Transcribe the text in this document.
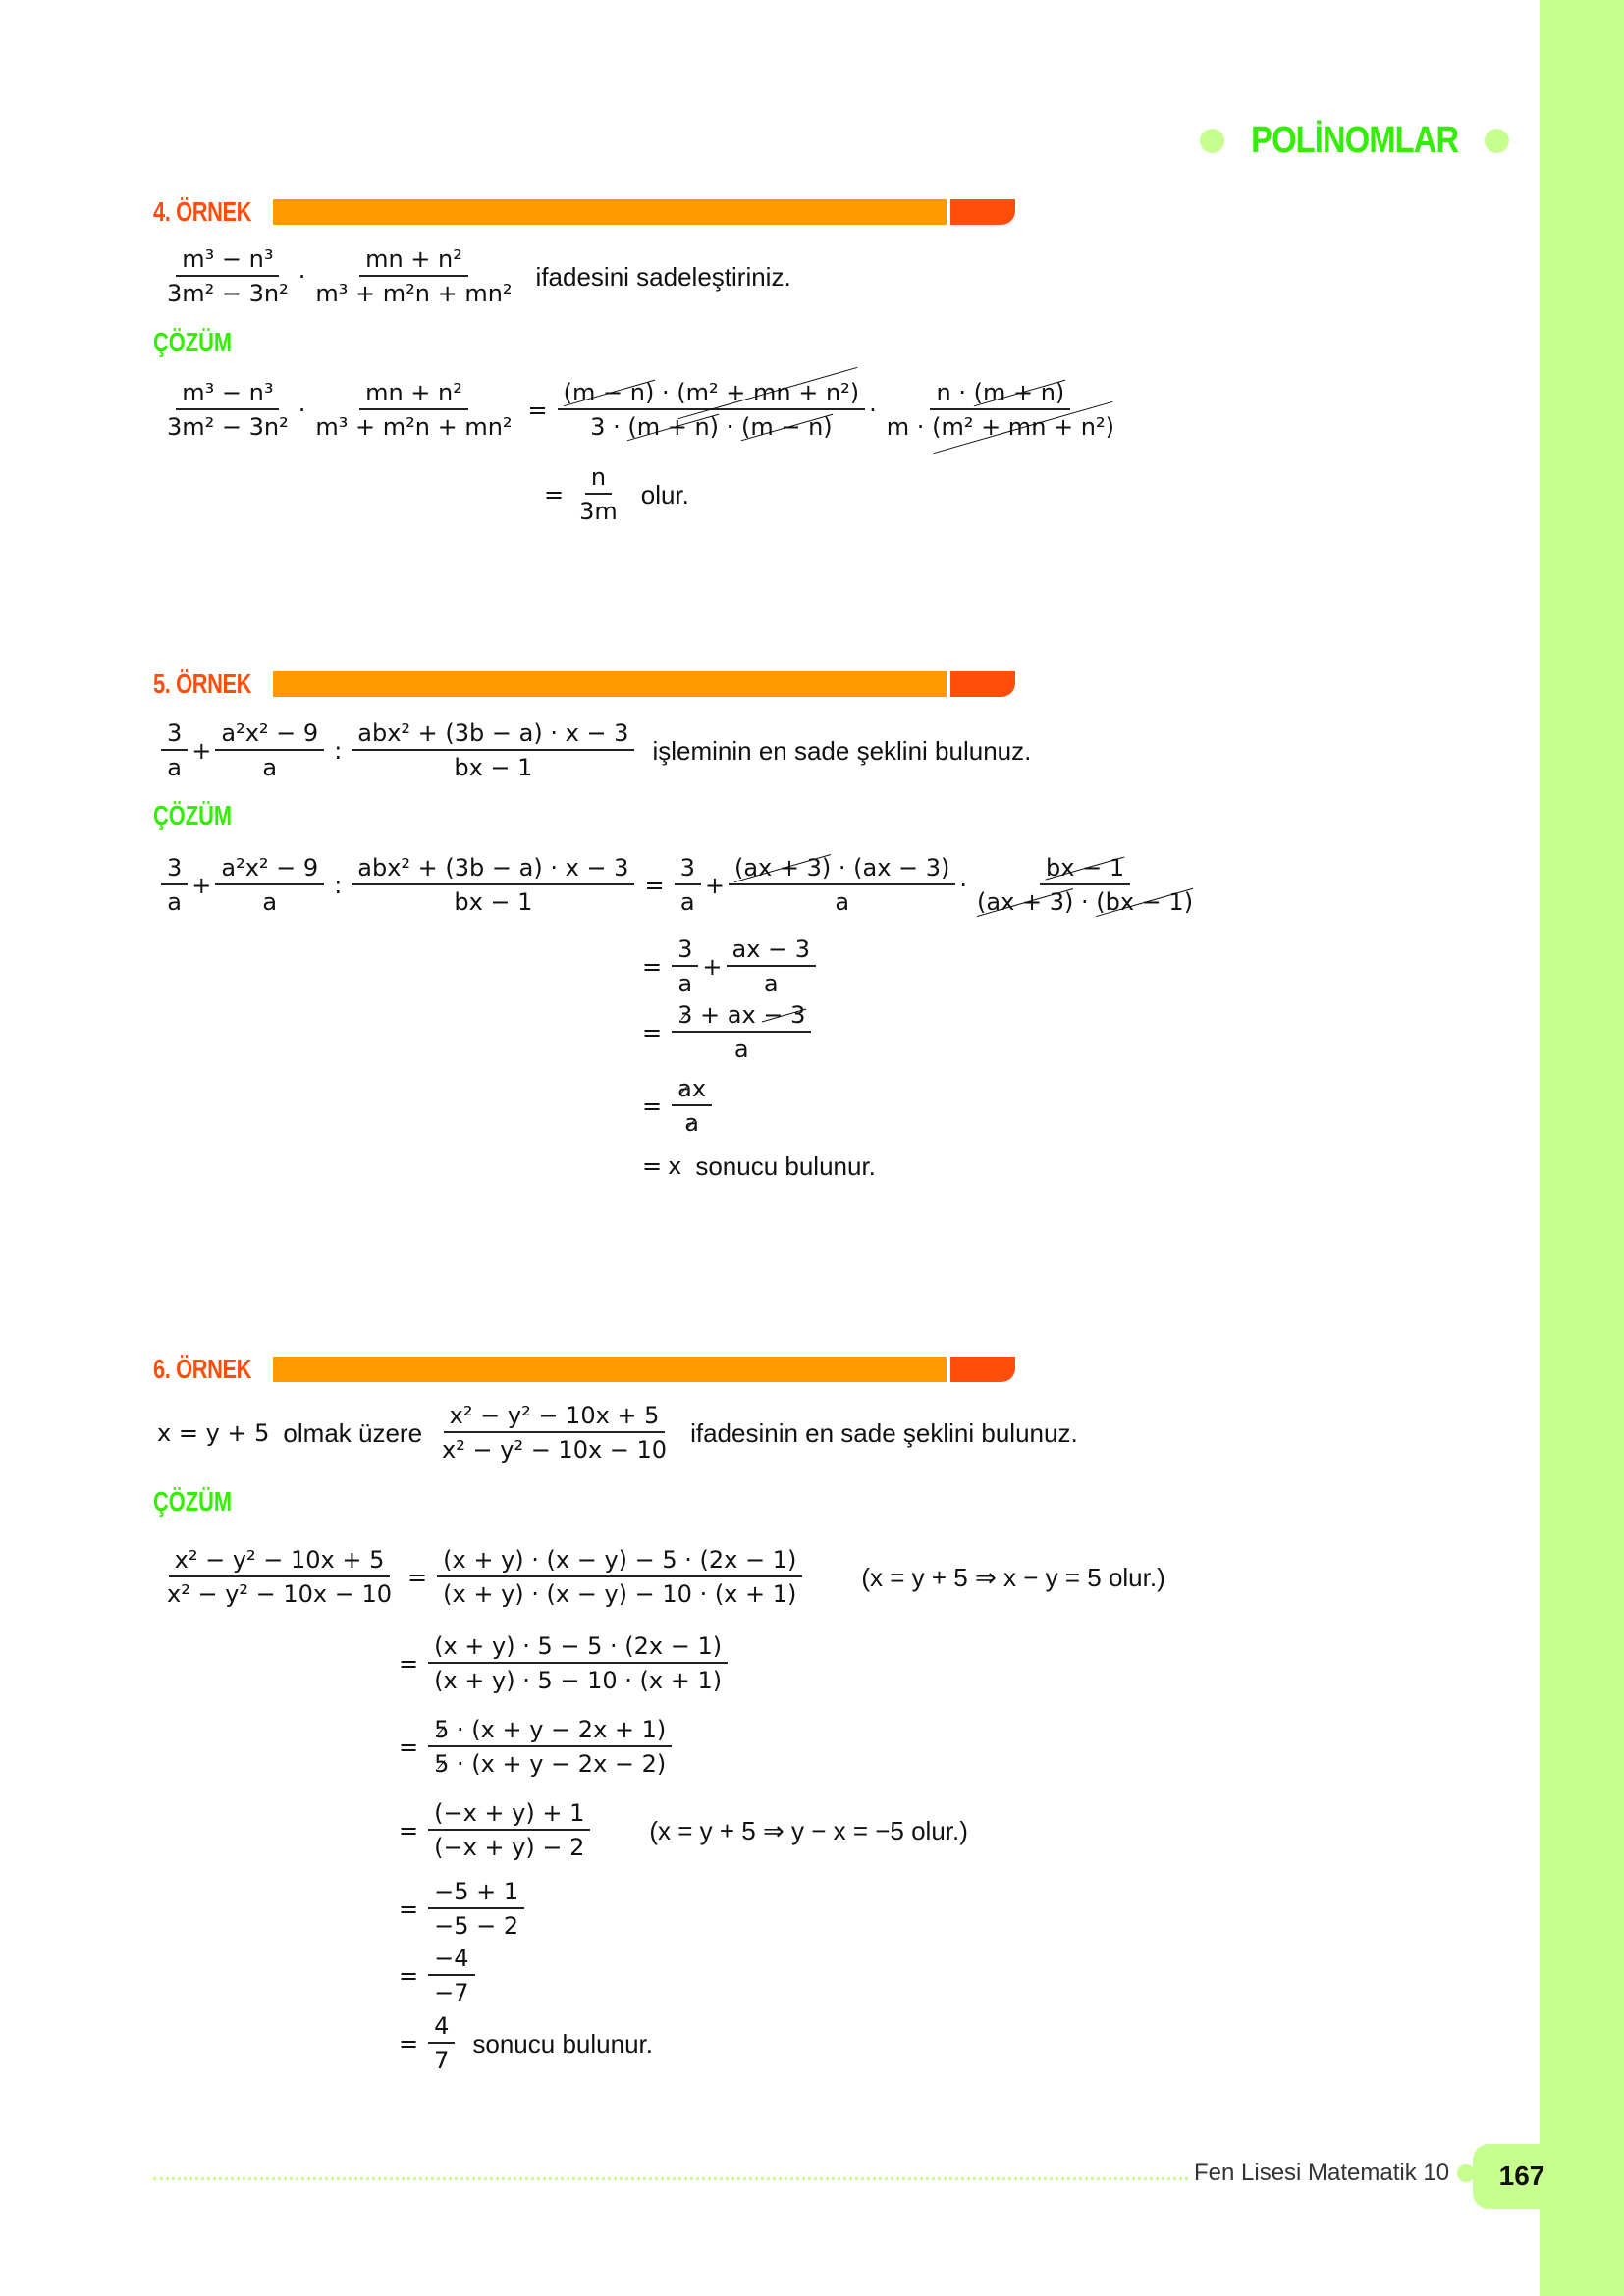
POLİNOMLAR
4. ÖRNEK
$\frac{\text{m³ − n³}}{\text{3m² − 3n²}} \cdot \frac{\text{mn + n²}}{\text{m³ + m²n + mn²}}$ ifadesini sadeleştiriniz.
ÇÖZÜM
$\frac{\text{m³ − n³}}{\text{3m² − 3n²}} \cdot \frac{\text{mn + n²}}{\text{m³ + m²n + mn²}} = \frac{\text{(m − n) · (m² + mn + n²)}}{3 \cdot (m + n) \cdot (m - n)} \cdot \frac{n \cdot (m + n)}{\text{m · (m² + mn + n²)}}$
= $\frac{n}{3m}$ olur.
5. ÖRNEK
$\frac{3}{a} + \frac{\text{a²x² − 9}}{a}$ : $\frac{\text{abx² + (3b − a) · x − 3}}{bx - 1}$ işleminin en sade şeklini bulunuz.
ÇÖZÜM
$\frac{3}{a} + \frac{\text{a²x² − 9}}{a}$ : $\frac{\text{abx² + (3b − a) · x − 3}}{bx - 1} = \frac{3}{a} + \frac{(ax + 3) \cdot (ax - 3)}{a} \cdot \frac{bx - 1}{(ax + 3) \cdot (bx - 1)}$
= $\frac{3}{a} + \frac{ax - 3}{a}$
= $\frac{3 + ax - 3}{a}$
= $\frac{ax}{a}$
= x sonucu bulunur.
6. ÖRNEK
x = y + 5 olmak üzere $\frac{\text{x² − y² − 10x + 5}}{\text{x² − y² − 10x − 10}}$ ifadesinin en sade şeklini bulunuz.
ÇÖZÜM
$\frac{\text{x² − y² − 10x + 5}}{\text{x² − y² − 10x − 10}} = \frac{(x + y) \cdot (x - y) - 5 \cdot (2x - 1)}{(x + y) \cdot (x - y) - 10 \cdot (x + 1)} (x = y + 5$ ⇒ x − y = 5 olur.)
= $\frac{(x + y) \cdot 5 - 5 \cdot (2x - 1)}{(x + y) \cdot 5 - 10 \cdot (x + 1)}$
= $\frac{5 \cdot (x + y - 2x + 1)}{5 \cdot (x + y - 2x - 2)}$
= $\frac{(-x + y) + 1}{(-x + y) - 2} (x = y + 5$ ⇒ y − x = −5 olur.)
= $\frac{-5 + 1}{-5 - 2}$
= $\frac{-4}{-7}$
= $\frac{4}{7}$ sonucu bulunur.
Fen Lisesi Matematik 10	167
